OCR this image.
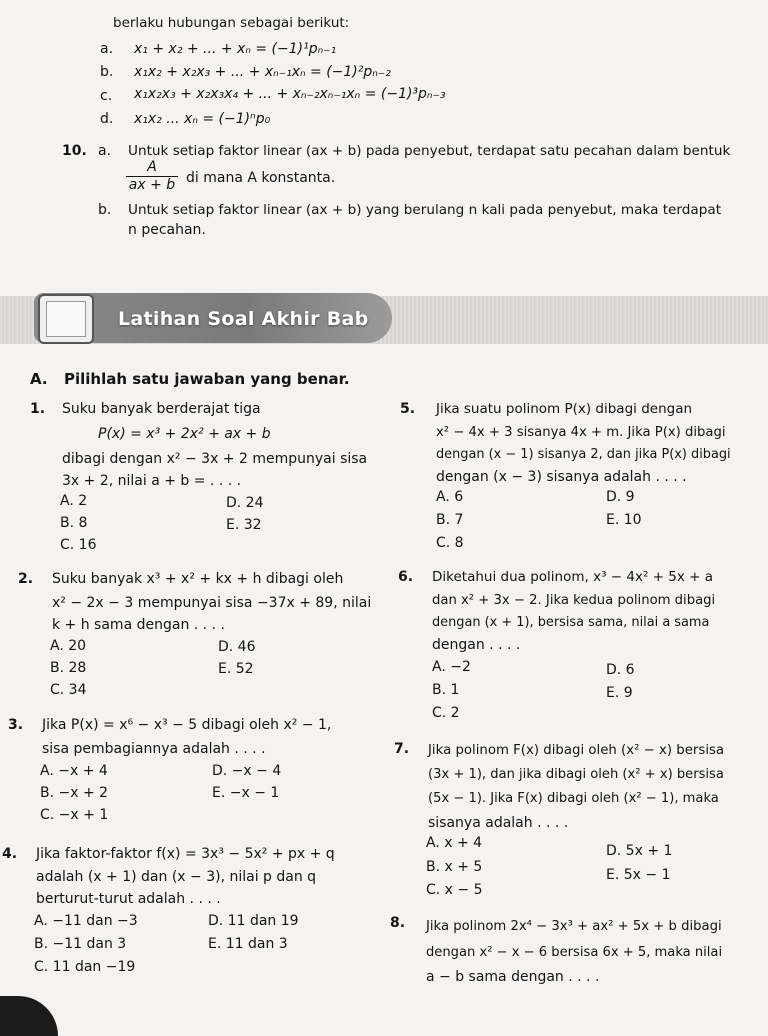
berlaku hubungan sebagai berikut:
a. x₁ + x₂ + ... + xₙ = (−1)¹pₙ₋₁
b. x₁x₂ + x₂x₃ + ... + xₙ₋₁xₙ = (−1)²pₙ₋₂
c. x₁x₂x₃ + x₂x₃x₄ + ... + xₙ₋₂xₙ₋₁xₙ = (−1)³pₙ₋₃
d. x₁x₂ ... xₙ = (−1)ⁿp₀
10. a. Untuk setiap faktor linear (ax + b) pada penyebut, terdapat satu pecahan dalam bentuk
A
ax + b di mana A konstanta.
b. Untuk setiap faktor linear (ax + b) yang berulang n kali pada penyebut, maka terdapat
n pecahan.
Latihan Soal Akhir Bab
A. Pilihlah satu jawaban yang benar.
1. Suku banyak berderajat tiga
P(x) = x³ + 2x² + ax + b
dibagi dengan x² − 3x + 2 mempunyai sisa
3x + 2, nilai a + b = . . . .
A. 2
B. 8
C. 16
D. 24
E. 32
2. Suku banyak x³ + x² + kx + h dibagi oleh
x² − 2x − 3 mempunyai sisa −37x + 89, nilai
k + h sama dengan . . . .
A. 20
B. 28
C. 34
D. 46
E. 52
3. Jika P(x) = x⁶ − x³ − 5 dibagi oleh x² − 1,
sisa pembagiannya adalah . . . .
A. −x + 4
B. −x + 2
C. −x + 1
D. −x − 4
E. −x − 1
4. Jika faktor-faktor f(x) = 3x³ − 5x² + px + q
adalah (x + 1) dan (x − 3), nilai p dan q
berturut-turut adalah . . . .
A. −11 dan −3
B. −11 dan 3
C. 11 dan −19
D. 11 dan 19
E. 11 dan 3
5. Jika suatu polinom P(x) dibagi dengan
x² − 4x + 3 sisanya 4x + m. Jika P(x) dibagi
dengan (x − 1) sisanya 2, dan jika P(x) dibagi
dengan (x − 3) sisanya adalah . . . .
A. 6
B. 7
C. 8
D. 9
E. 10
6. Diketahui dua polinom, x³ − 4x² + 5x + a
dan x² + 3x − 2. Jika kedua polinom dibagi
dengan (x + 1), bersisa sama, nilai a sama
dengan . . . .
A. −2
B. 1
C. 2
D. 6
E. 9
7. Jika polinom F(x) dibagi oleh (x² − x) bersisa
(3x + 1), dan jika dibagi oleh (x² + x) bersisa
(5x − 1). Jika F(x) dibagi oleh (x² − 1), maka
sisanya adalah . . . .
A. x + 4
B. x + 5
C. x − 5
D. 5x + 1
E. 5x − 1
8. Jika polinom 2x⁴ − 3x³ + ax² + 5x + b dibagi
dengan x² − x − 6 bersisa 6x + 5, maka nilai
a − b sama dengan . . . .
